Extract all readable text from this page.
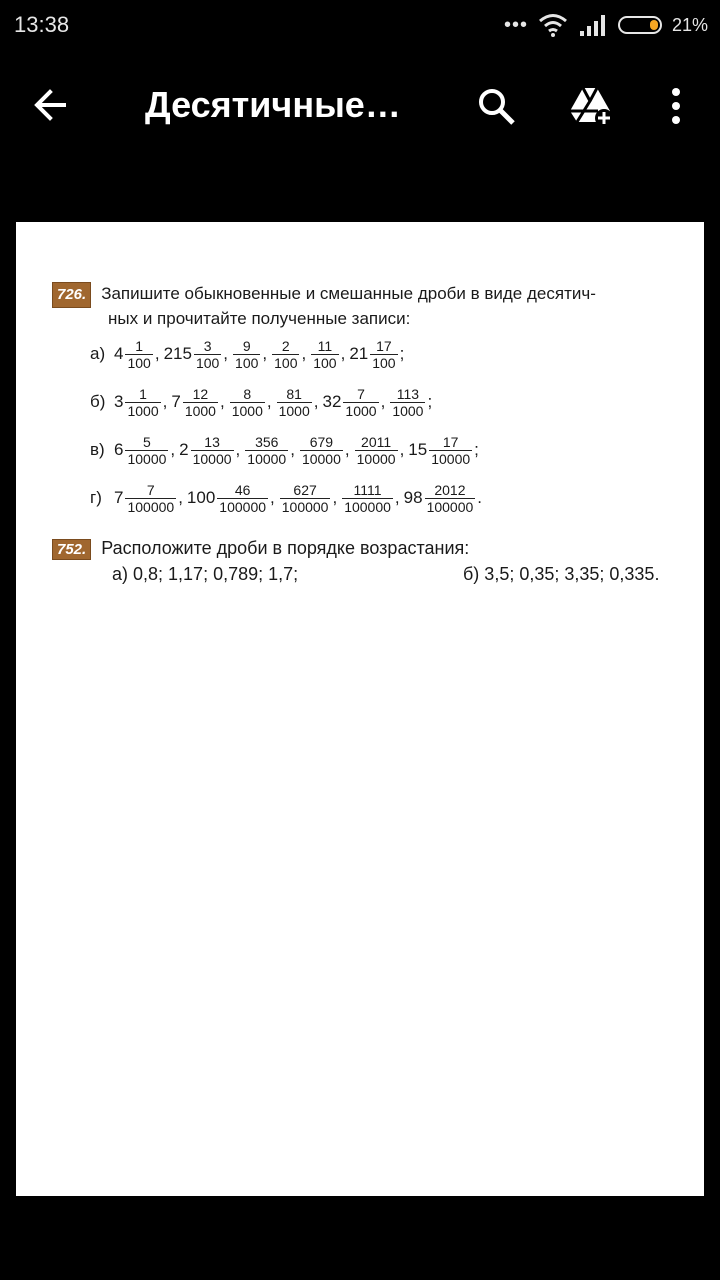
13:38	•••	21%
Десятичные…
726. Запишите обыкновенные и смешанные дроби в виде десятич-
ных и прочитайте полученные записи:
а) $4 \frac{1}{100}$ , $215 \frac{3}{100}$ , $\frac{9}{100}$ , $\frac{2}{100}$ , $\frac{11}{100}$ , $21 \frac{17}{100}$ ;
б) $3 \frac{1}{1000}$ , $7 \frac{12}{1000}$ , $\frac{8}{1000}$ , $\frac{81}{1000}$ , $32 \frac{7}{1000}$ , $\frac{113}{1000}$ ;
в) $6 \frac{5}{10000}$ , $2 \frac{13}{10000}$ , $\frac{356}{10000}$ , $\frac{679}{10000}$ , $\frac{2011}{10000}$ , $15 \frac{17}{10000}$ ;
г) $7 \frac{7}{100000}$ , $100 \frac{46}{100000}$ , $\frac{627}{100000}$ , $\frac{1111}{100000}$ , $98 \frac{2012}{100000}$ .
752. Расположите дроби в порядке возрастания:
а) 0,8; 1,17; 0,789; 1,7;	б) 3,5; 0,35; 3,35; 0,335.
